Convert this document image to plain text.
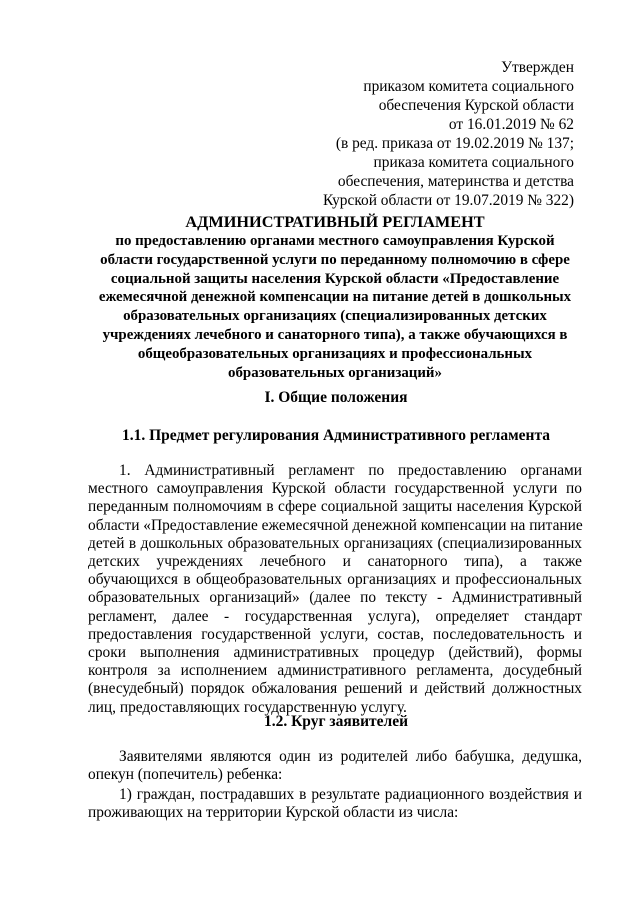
Утвержден
приказом комитета социального
обеспечения Курской области
от 16.01.2019 № 62
(в ред. приказа от 19.02.2019 № 137;
приказа комитета социального
обеспечения, материнства и детства
Курской области от 19.07.2019 № 322)
АДМИНИСТРАТИВНЫЙ РЕГЛАМЕНТ
по предоставлению органами местного самоуправления Курской
области государственной услуги по переданному полномочию в сфере
социальной защиты населения Курской области «Предоставление
ежемесячной денежной компенсации на питание детей в дошкольных
образовательных организациях (специализированных детских
учреждениях лечебного и санаторного типа), а также обучающихся в
общеобразовательных организациях и профессиональных
образовательных организаций»
I. Общие положения
1.1. Предмет регулирования Административного регламента
1. Административный регламент по предоставлению органами
местного самоуправления Курской области государственной услуги по
переданным полномочиям в сфере социальной защиты населения Курской
области «Предоставление ежемесячной денежной компенсации на питание
детей в дошкольных образовательных организациях (специализированных
детских учреждениях лечебного и санаторного типа), а также
обучающихся в общеобразовательных организациях и профессиональных
образовательных организаций» (далее по тексту - Административный
регламент, далее - государственная услуга), определяет стандарт
предоставления государственной услуги, состав, последовательность и
сроки выполнения административных процедур (действий), формы
контроля за исполнением административного регламента, досудебный
(внесудебный) порядок обжалования решений и действий должностных
лиц, предоставляющих государственную услугу.
1.2. Круг заявителей
Заявителями являются один из родителей либо бабушка, дедушка,
опекун (попечитель) ребенка:
1) граждан, пострадавших в результате радиационного воздействия и
проживающих на территории Курской области из числа:
